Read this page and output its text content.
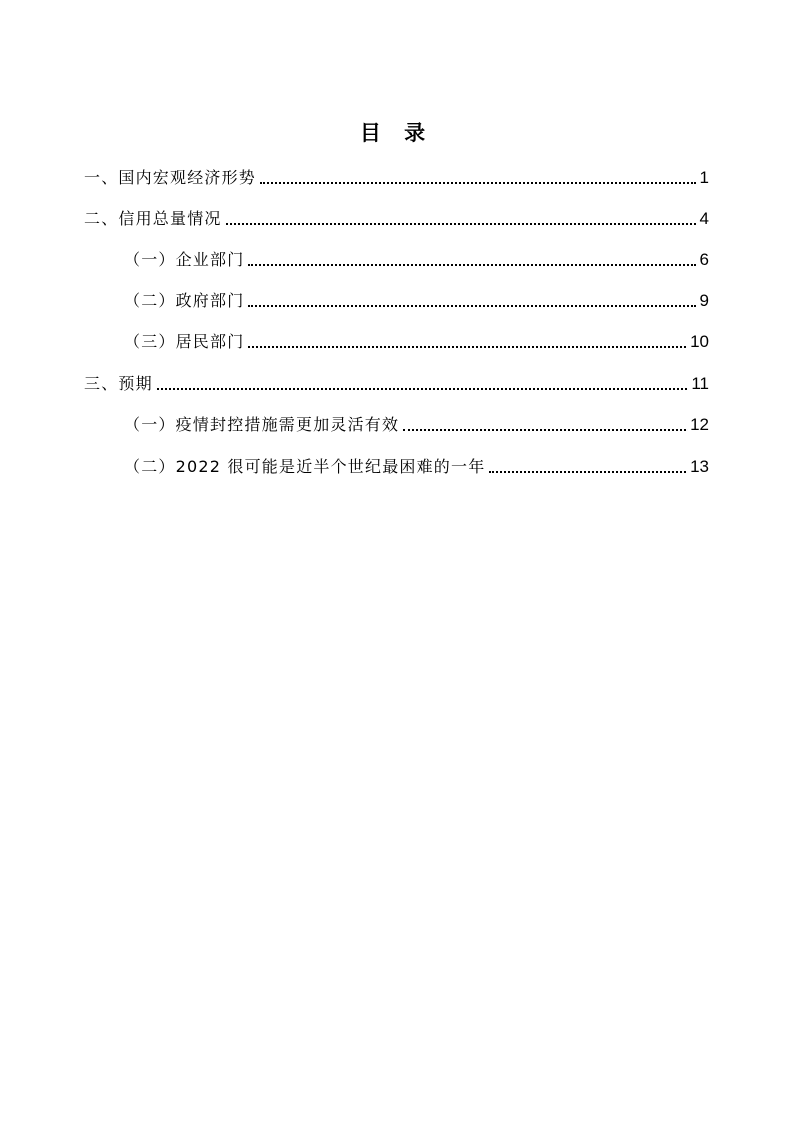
目 录
一、国内宏观经济形势	1
二、信用总量情况	4
（一）企业部门	6
（二）政府部门	9
（三）居民部门	10
三、预期	11
（一）疫情封控措施需更加灵活有效	12
（二）2022 很可能是近半个世纪最困难的一年	13
